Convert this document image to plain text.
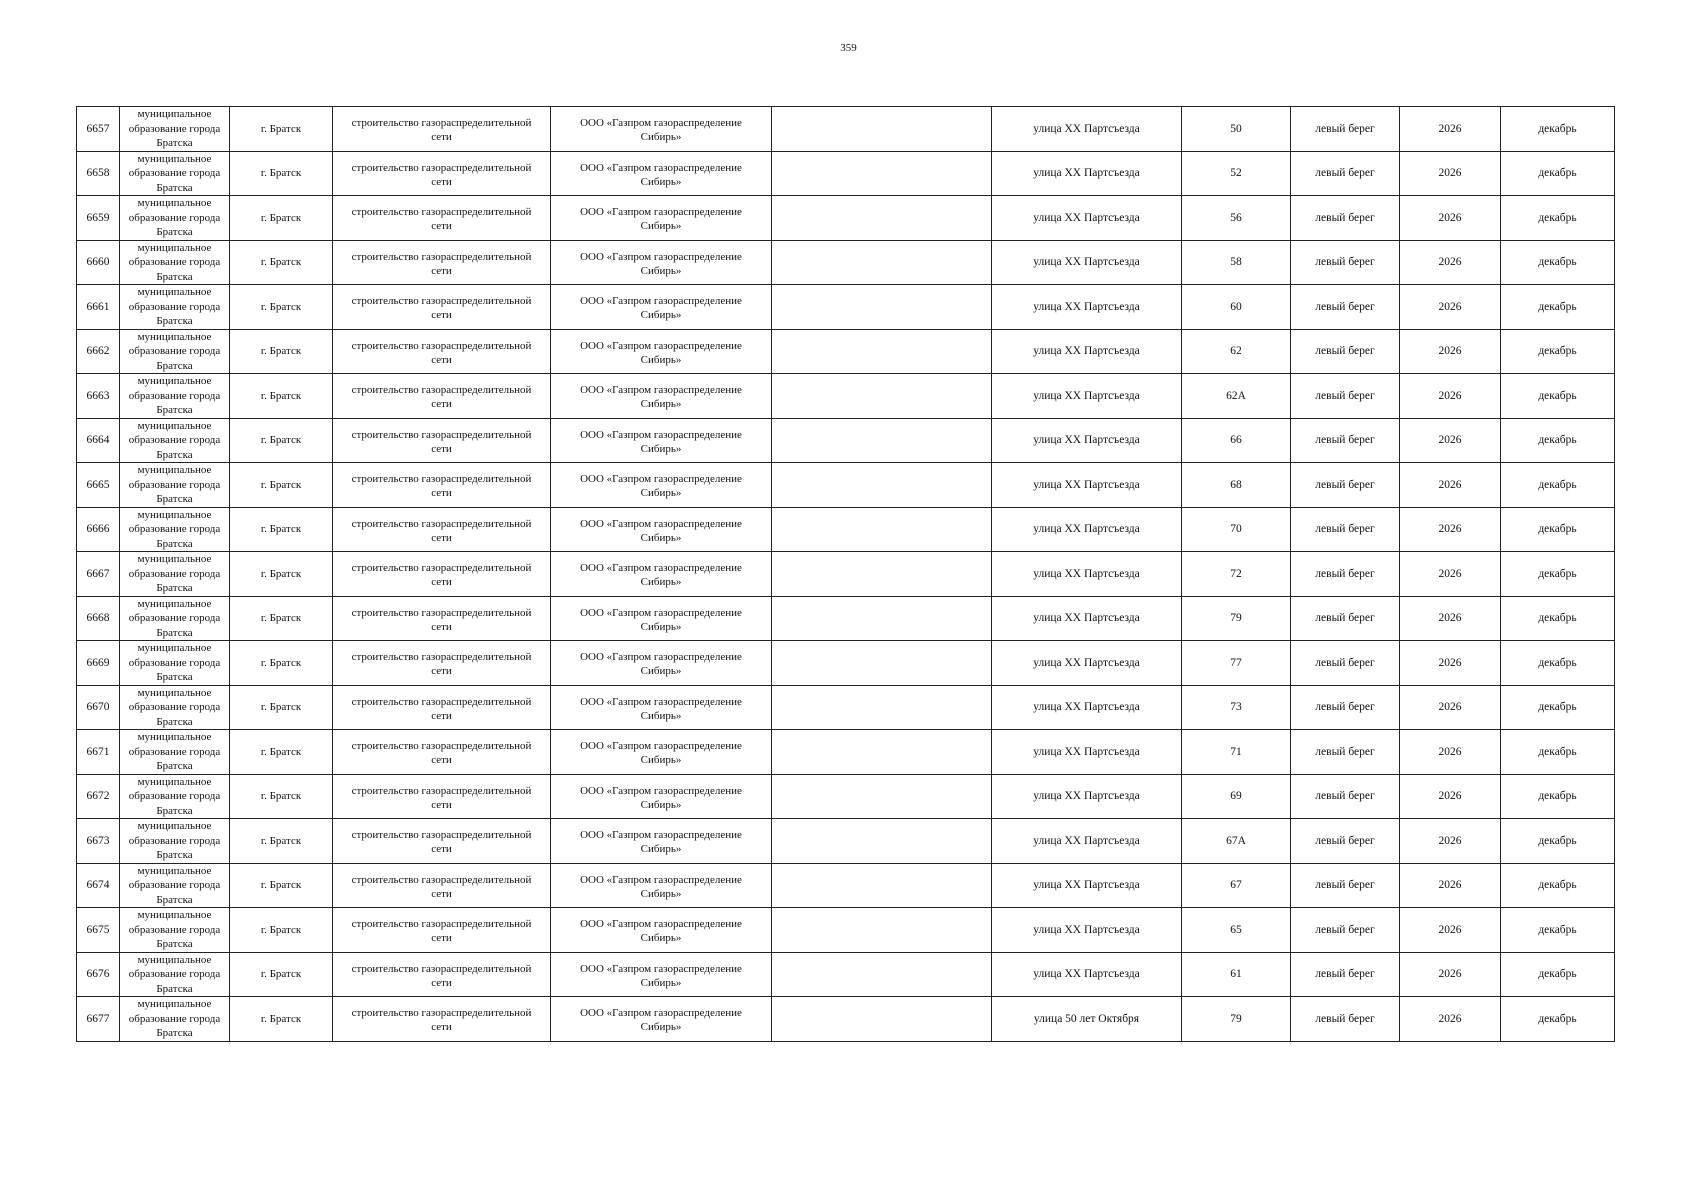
359
6657	муниципальное
образование города
Братска	г. Братск	строительство газораспределительной
сети	ООО «Газпром газораспределение
Сибирь»		улица XX Партсъезда	50	левый берег	2026	декабрь
6658	муниципальное
образование города
Братска	г. Братск	строительство газораспределительной
сети	ООО «Газпром газораспределение
Сибирь»		улица XX Партсъезда	52	левый берег	2026	декабрь
6659	муниципальное
образование города
Братска	г. Братск	строительство газораспределительной
сети	ООО «Газпром газораспределение
Сибирь»		улица XX Партсъезда	56	левый берег	2026	декабрь
6660	муниципальное
образование города
Братска	г. Братск	строительство газораспределительной
сети	ООО «Газпром газораспределение
Сибирь»		улица XX Партсъезда	58	левый берег	2026	декабрь
6661	муниципальное
образование города
Братска	г. Братск	строительство газораспределительной
сети	ООО «Газпром газораспределение
Сибирь»		улица XX Партсъезда	60	левый берег	2026	декабрь
6662	муниципальное
образование города
Братска	г. Братск	строительство газораспределительной
сети	ООО «Газпром газораспределение
Сибирь»		улица XX Партсъезда	62	левый берег	2026	декабрь
6663	муниципальное
образование города
Братска	г. Братск	строительство газораспределительной
сети	ООО «Газпром газораспределение
Сибирь»		улица XX Партсъезда	62А	левый берег	2026	декабрь
6664	муниципальное
образование города
Братска	г. Братск	строительство газораспределительной
сети	ООО «Газпром газораспределение
Сибирь»		улица XX Партсъезда	66	левый берег	2026	декабрь
6665	муниципальное
образование города
Братска	г. Братск	строительство газораспределительной
сети	ООО «Газпром газораспределение
Сибирь»		улица XX Партсъезда	68	левый берег	2026	декабрь
6666	муниципальное
образование города
Братска	г. Братск	строительство газораспределительной
сети	ООО «Газпром газораспределение
Сибирь»		улица XX Партсъезда	70	левый берег	2026	декабрь
6667	муниципальное
образование города
Братска	г. Братск	строительство газораспределительной
сети	ООО «Газпром газораспределение
Сибирь»		улица XX Партсъезда	72	левый берег	2026	декабрь
6668	муниципальное
образование города
Братска	г. Братск	строительство газораспределительной
сети	ООО «Газпром газораспределение
Сибирь»		улица XX Партсъезда	79	левый берег	2026	декабрь
6669	муниципальное
образование города
Братска	г. Братск	строительство газораспределительной
сети	ООО «Газпром газораспределение
Сибирь»		улица XX Партсъезда	77	левый берег	2026	декабрь
6670	муниципальное
образование города
Братска	г. Братск	строительство газораспределительной
сети	ООО «Газпром газораспределение
Сибирь»		улица XX Партсъезда	73	левый берег	2026	декабрь
6671	муниципальное
образование города
Братска	г. Братск	строительство газораспределительной
сети	ООО «Газпром газораспределение
Сибирь»		улица XX Партсъезда	71	левый берег	2026	декабрь
6672	муниципальное
образование города
Братска	г. Братск	строительство газораспределительной
сети	ООО «Газпром газораспределение
Сибирь»		улица XX Партсъезда	69	левый берег	2026	декабрь
6673	муниципальное
образование города
Братска	г. Братск	строительство газораспределительной
сети	ООО «Газпром газораспределение
Сибирь»		улица XX Партсъезда	67А	левый берег	2026	декабрь
6674	муниципальное
образование города
Братска	г. Братск	строительство газораспределительной
сети	ООО «Газпром газораспределение
Сибирь»		улица XX Партсъезда	67	левый берег	2026	декабрь
6675	муниципальное
образование города
Братска	г. Братск	строительство газораспределительной
сети	ООО «Газпром газораспределение
Сибирь»		улица XX Партсъезда	65	левый берег	2026	декабрь
6676	муниципальное
образование города
Братска	г. Братск	строительство газораспределительной
сети	ООО «Газпром газораспределение
Сибирь»		улица XX Партсъезда	61	левый берег	2026	декабрь
6677	муниципальное
образование города
Братска	г. Братск	строительство газораспределительной
сети	ООО «Газпром газораспределение
Сибирь»		улица 50 лет Октября	79	левый берег	2026	декабрь
